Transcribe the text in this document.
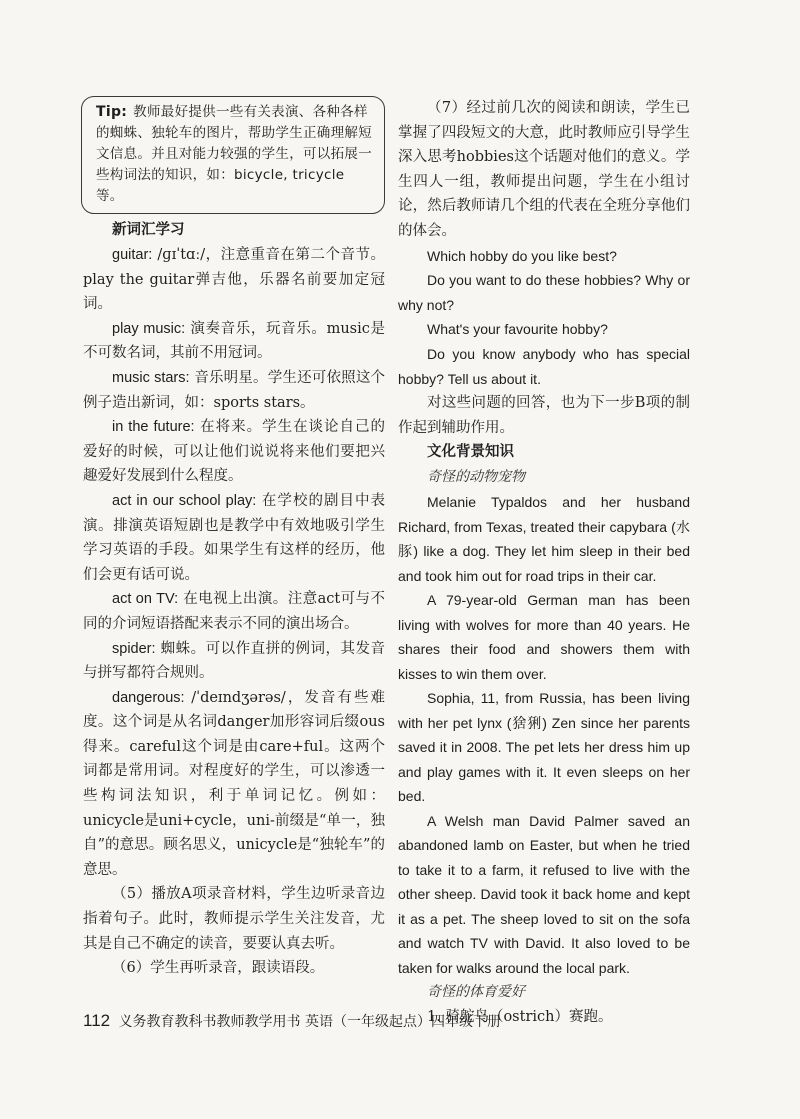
Tip: 教师最好提供一些有关表演、各种各样的蜘蛛、独轮车的图片，帮助学生正确理解短文信息。并且对能力较强的学生，可以拓展一些构词法的知识，如：bicycle, tricycle 等。
新词汇学习

guitar: /ɡɪˈtɑː/，注意重音在第二个音节。play the guitar弹吉他，乐器名前要加定冠词。

play music: 演奏音乐，玩音乐。music是不可数名词，其前不用冠词。

music stars: 音乐明星。学生还可依照这个例子造出新词，如：sports stars。

in the future: 在将来。学生在谈论自己的爱好的时候，可以让他们说说将来他们要把兴趣爱好发展到什么程度。

act in our school play: 在学校的剧目中表演。排演英语短剧也是教学中有效地吸引学生学习英语的手段。如果学生有这样的经历，他们会更有话可说。

act on TV: 在电视上出演。注意act可与不同的介词短语搭配来表示不同的演出场合。

spider: 蜘蛛。可以作直拼的例词，其发音与拼写都符合规则。

dangerous: /ˈdeɪndʒərəs/，发音有些难度。这个词是从名词danger加形容词后缀ous得来。careful这个词是由care+ful。这两个词都是常用词。对程度好的学生，可以渗透一些构词法知识，利于单词记忆。例如：unicycle是uni+cycle，uni-前缀是“单一，独自”的意思。顾名思义，unicycle是“独轮车”的意思。

（5）播放A项录音材料，学生边听录音边指着句子。此时，教师提示学生关注发音，尤其是自己不确定的读音，要要认真去听。

（6）学生再听录音，跟读语段。

（7）经过前几次的阅读和朗读，学生已掌握了四段短文的大意，此时教师应引导学生深入思考hobbies这个话题对他们的意义。学生四人一组，教师提出问题，学生在小组讨论，然后教师请几个组的代表在全班分享他们的体会。

Which hobby do you like best?

Do you want to do these hobbies? Why or why not?

What's your favourite hobby?

Do you know anybody who has special hobby? Tell us about it.

对这些问题的回答，也为下一步B项的制作起到辅助作用。

文化背景知识
奇怪的动物宠物

Melanie Typaldos and her husband Richard, from Texas, treated their capybara (水豚) like a dog. They let him sleep in their bed and took him out for road trips in their car.

A 79-year-old German man has been living with wolves for more than 40 years. He shares their food and showers them with kisses to win them over.

Sophia, 11, from Russia, has been living with her pet lynx (猞猁) Zen since her parents saved it in 2008. The pet lets her dress him up and play games with it. It even sleeps on her bed.

A Welsh man David Palmer saved an abandoned lamb on Easter, but when he tried to take it to a farm, it refused to live with the other sheep. David took it back home and kept it as a pet. The sheep loved to sit on the sofa and watch TV with David. It also loved to be taken for walks around the local park.

奇怪的体育爱好

1. 骑鸵鸟（ostrich）赛跑。

112 义务教育教科书教师教学用书 英语（一年级起点）四年级下册
